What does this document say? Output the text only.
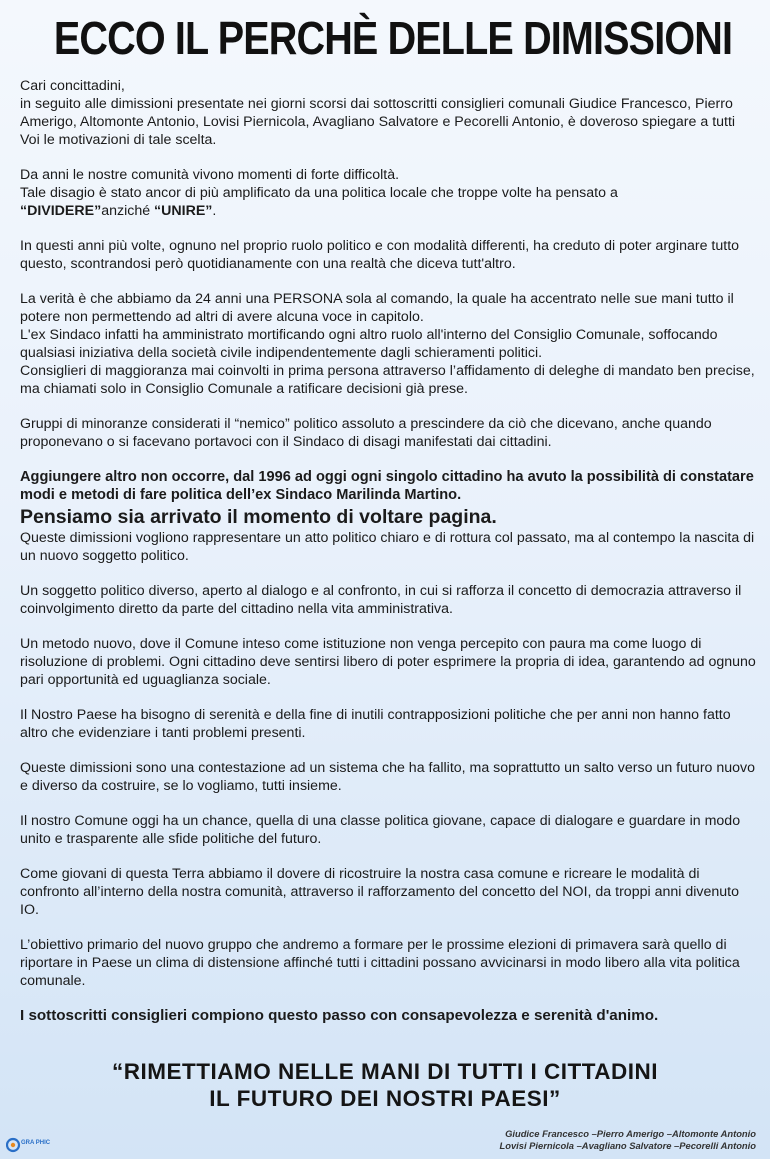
ECCO IL PERCHÈ DELLE DIMISSIONI

Cari concittadini,
in seguito alle dimissioni presentate nei giorni scorsi dai sottoscritti consiglieri comunali Giudice Francesco, Pierro Amerigo, Altomonte Antonio, Lovisi Piernicola, Avagliano Salvatore e Pecorelli Antonio, è doveroso spiegare a tutti Voi le motivazioni di tale scelta.

Da anni le nostre comunità vivono momenti di forte difficoltà.
Tale disagio è stato ancor di più amplificato da una politica locale che troppe volte ha pensato a
“DIVIDERE”anziché “UNIRE”.

In questi anni più volte, ognuno nel proprio ruolo politico e con modalità differenti, ha creduto di poter arginare tutto questo, scontrandosi però quotidianamente con una realtà che diceva tutt'altro.

La verità è che abbiamo da 24 anni una PERSONA sola al comando, la quale ha accentrato nelle sue mani tutto il potere non permettendo ad altri di avere alcuna voce in capitolo.
L'ex Sindaco infatti ha amministrato mortificando ogni altro ruolo all'interno del Consiglio Comunale, soffocando qualsiasi iniziativa della società civile indipendentemente dagli schieramenti politici.
Consiglieri di maggioranza mai coinvolti in prima persona attraverso l’affidamento di deleghe di mandato ben precise, ma chiamati solo in Consiglio Comunale a ratificare decisioni già prese.

Gruppi di minoranze considerati il “nemico” politico assoluto a prescindere da ciò che dicevano, anche quando proponevano o si facevano portavoci con il Sindaco di disagi manifestati dai cittadini.

Aggiungere altro non occorre, dal 1996 ad oggi ogni singolo cittadino ha avuto la possibilità di constatare modi e metodi di fare politica dell’ex Sindaco Marilinda Martino.

Pensiamo sia arrivato il momento di voltare pagina.

Queste dimissioni vogliono rappresentare un atto politico chiaro e di rottura col passato, ma al contempo la nascita di un nuovo soggetto politico.

Un soggetto politico diverso, aperto al dialogo e al confronto, in cui si rafforza il concetto di democrazia attraverso il coinvolgimento diretto da parte del cittadino nella vita amministrativa.

Un metodo nuovo, dove il Comune inteso come istituzione non venga percepito con paura ma come luogo di risoluzione di problemi. Ogni cittadino deve sentirsi libero di poter esprimere la propria di idea, garantendo ad ognuno pari opportunità ed uguaglianza sociale.

Il Nostro Paese ha bisogno di serenità e della fine di inutili contrapposizioni politiche che per anni non hanno fatto altro che evidenziare i tanti problemi presenti.

Queste dimissioni sono una contestazione ad un sistema che ha fallito, ma soprattutto un salto verso un futuro nuovo e diverso da costruire, se lo vogliamo, tutti insieme.

Il nostro Comune oggi ha un chance, quella di una classe politica giovane, capace di dialogare e guardare in modo unito e trasparente alle sfide politiche del futuro.

Come giovani di questa Terra abbiamo il dovere di ricostruire la nostra casa comune e ricreare le modalità di confronto all’interno della nostra comunità, attraverso il rafforzamento del concetto del NOI, da troppi anni divenuto IO.

L’obiettivo primario del nuovo gruppo che andremo a formare per le prossime elezioni di primavera sarà quello di riportare in Paese un clima di distensione affinché tutti i cittadini possano avvicinarsi in modo libero alla vita politica comunale.

I sottoscritti consiglieri compiono questo passo con consapevolezza e serenità d'animo.

“RIMETTIAMO NELLE MANI DI TUTTI I CITTADINI
IL FUTURO DEI NOSTRI PAESI”
GRA PHIC
Giudice Francesco –Pierro Amerigo –Altomonte Antonio
Lovisi Piernicola –Avagliano Salvatore –Pecorelli Antonio
